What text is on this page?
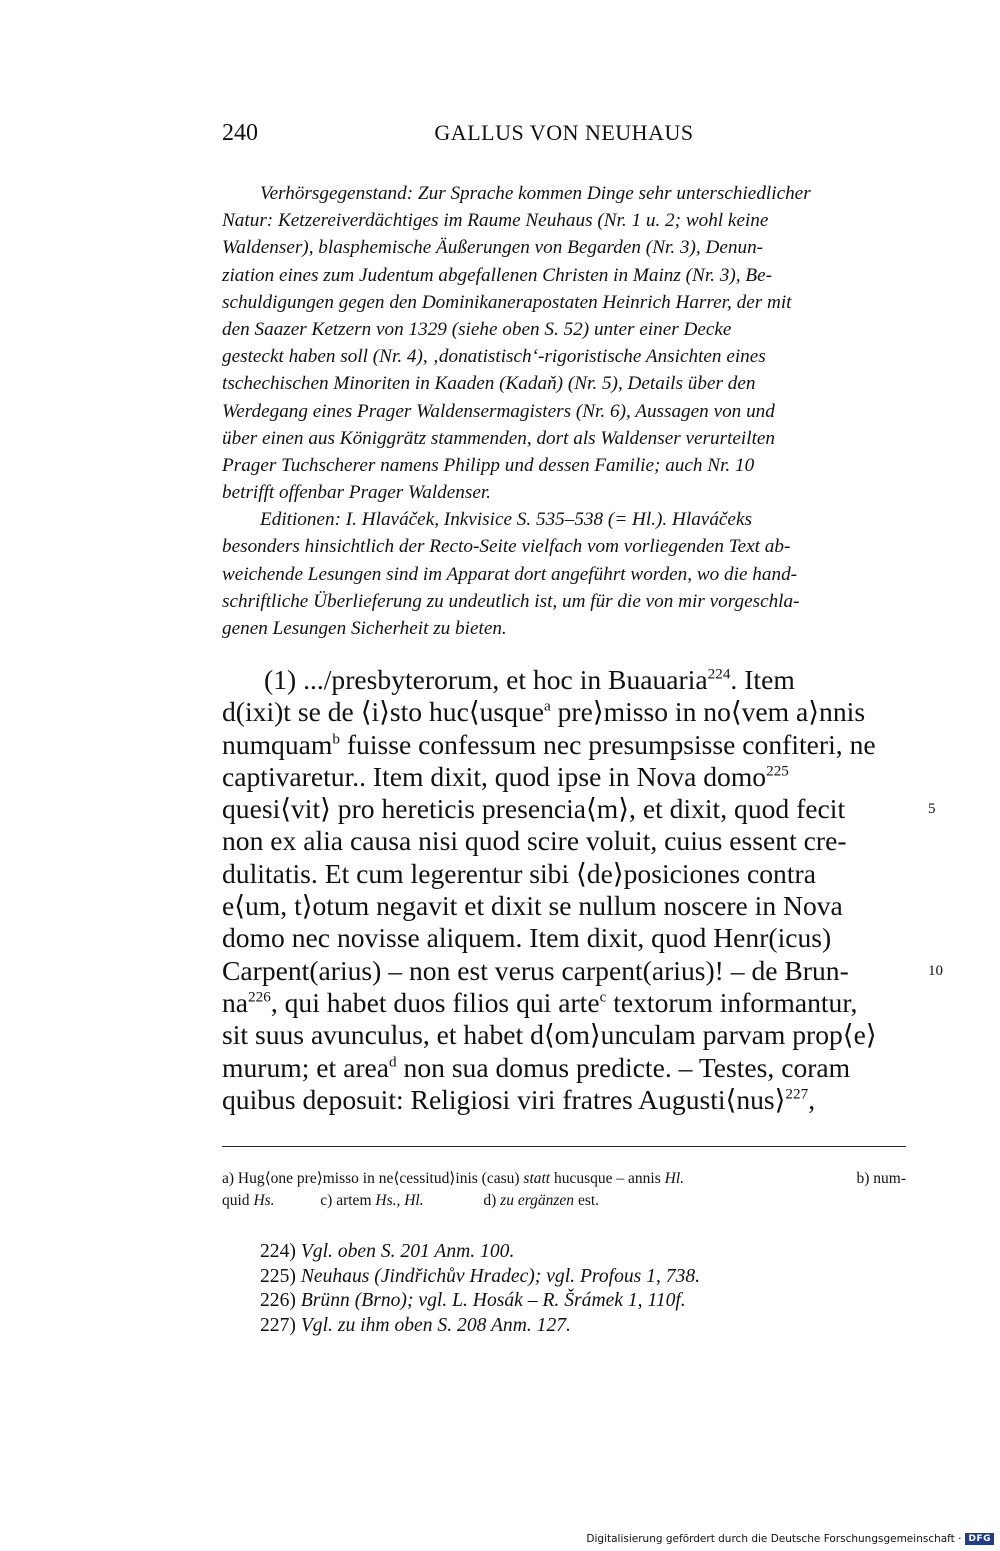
240	GALLUS VON NEUHAUS
Verhörsgegenstand: Zur Sprache kommen Dinge sehr unterschiedlicher
Natur: Ketzereiverdächtiges im Raume Neuhaus (Nr. 1 u. 2; wohl keine
Waldenser), blasphemische Äußerungen von Begarden (Nr. 3), Denun-
ziation eines zum Judentum abgefallenen Christen in Mainz (Nr. 3), Be-
schuldigungen gegen den Dominikanerapostaten Heinrich Harrer, der mit
den Saazer Ketzern von 1329 (siehe oben S. 52) unter einer Decke
gesteckt haben soll (Nr. 4), ‚donatistisch‘-rigoristische Ansichten eines
tschechischen Minoriten in Kaaden (Kadaň) (Nr. 5), Details über den
Werdegang eines Prager Waldensermagisters (Nr. 6), Aussagen von und
über einen aus Königgrätz stammenden, dort als Waldenser verurteilten
Prager Tuchscherer namens Philipp und dessen Familie; auch Nr. 10
betrifft offenbar Prager Waldenser.
Editionen: I. Hlaváček, Inkvisice S. 535–538 (= Hl.). Hlaváčeks
besonders hinsichtlich der Recto-Seite vielfach vom vorliegenden Text ab-
weichende Lesungen sind im Apparat dort angeführt worden, wo die hand-
schriftliche Überlieferung zu undeutlich ist, um für die von mir vorgeschla-
genen Lesungen Sicherheit zu bieten.
(1) .../presbyterorum, et hoc in Buauaria$^{224}$. Item
d(ixi)t se de ⟨i⟩sto huc⟨usque$^a$ pre⟩misso in no⟨vem a⟩nnis
numquam$^b$ fuisse confessum nec presumpsisse confiteri, ne
captivaretur.. Item dixit, quod ipse in Nova domo$^{225}$
quesi⟨vit⟩ pro hereticis presencia⟨m⟩, et dixit, quod fecit	5
non ex alia causa nisi quod scire voluit, cuius essent cre-
dulitatis. Et cum legerentur sibi ⟨de⟩posiciones contra
e⟨um, t⟩otum negavit et dixit se nullum noscere in Nova
domo nec novisse aliquem. Item dixit, quod Henr(icus)
Carpent(arius) – non est verus carpent(arius)! – de Brun-	10
$na^{226}$, qui habet duos filios qui arte$^c$ textorum informantur,
sit suus avunculus, et habet d⟨om⟩unculam parvam prop⟨e⟩
murum; et area$^d$ non sua domus predicte. – Testes, coram
quibus deposuit: Religiosi viri fratres Augusti⟨nus⟩$^{227}$,
a) Hug⟨one pre⟩misso in ne⟨cessitud⟩inis (casu) statt hucusque – annis Hl.	b) num-
quid Hs.	c) artem Hs., Hl.	d) zu ergänzen est.
224) Vgl. oben S. 201 Anm. 100.
225) Neuhaus (Jindřichův Hradec); vgl. Profous 1, 738.
226) Brünn (Brno); vgl. L. Hosák – R. Šrámek 1, 110f.
227) Vgl. zu ihm oben S. 208 Anm. 127.
Digitalisierung gefördert durch die Deutsche Forschungsgemeinschaft · DFG
